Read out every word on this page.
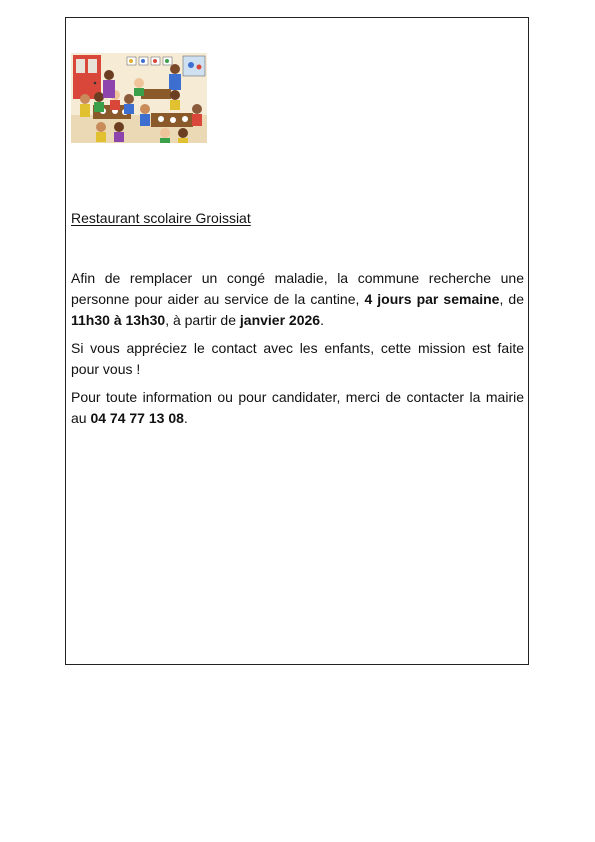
Restaurant scolaire Groissiat

Afin de remplacer un congé maladie, la commune recherche une personne pour aider au service de la cantine, 4 jours par semaine, de 11h30 à 13h30, à partir de janvier 2026.

Si vous appréciez le contact avec les enfants, cette mission est faite pour vous !

Pour toute information ou pour candidater, merci de contacter la mairie au 04 74 77 13 08.
